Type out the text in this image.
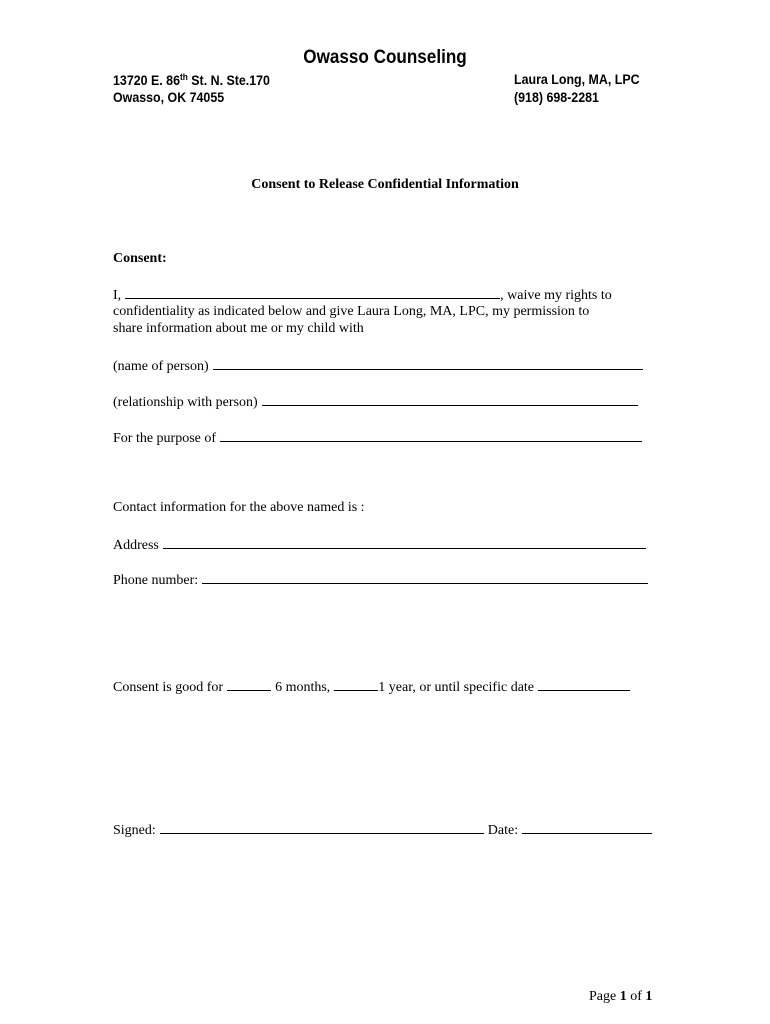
Owasso Counseling
13720 E. 86th St. N. Ste.170
Owasso, OK 74055
Laura Long, MA, LPC
(918) 698-2281
Consent to Release Confidential Information
Consent:
I,	, waive my rights to
confidentiality as indicated below and give Laura Long, MA, LPC, my permission to
share information about me or my child with
(name of person)
(relationship with person)
For the purpose of
Contact information for the above named is :
Address
Phone number:
Consent is good for	6 months,	1 year, or until specific date
Signed:	Date:
Page 1 of 1
